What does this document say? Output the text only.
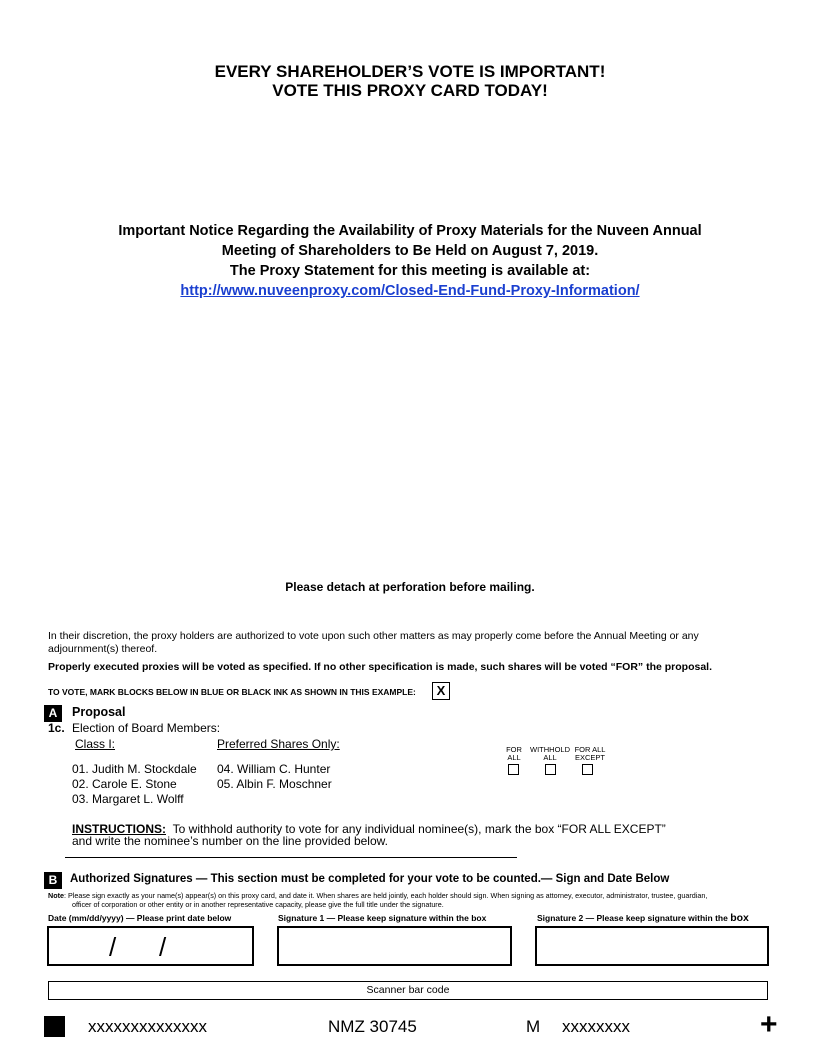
EVERY SHAREHOLDER’S VOTE IS IMPORTANT!
VOTE THIS PROXY CARD TODAY!
Important Notice Regarding the Availability of Proxy Materials for the Nuveen Annual
Meeting of Shareholders to Be Held on August 7, 2019.
The Proxy Statement for this meeting is available at:
http://www.nuveenproxy.com/Closed-End-Fund-Proxy-Information/
Please detach at perforation before mailing.
In their discretion, the proxy holders are authorized to vote upon such other matters as may properly come before the Annual Meeting or any
adjournment(s) thereof.
Properly executed proxies will be voted as specified. If no other specification is made, such shares will be voted “FOR” the proposal.
TO VOTE, MARK BLOCKS BELOW IN BLUE OR BLACK INK AS SHOWN IN THIS EXAMPLE:	X
A	Proposal
1c. Election of Board Members:
Class I:	Preferred Shares Only:
01. Judith M. Stockdale
02. Carole E. Stone
03. Margaret L. Wolff
04. William C. Hunter
05. Albin F. Moschner
FOR
ALL
WITHHOLD
ALL
FOR ALL
EXCEPT
INSTRUCTIONS: To withhold authority to vote for any individual nominee(s), mark the box “FOR ALL EXCEPT”
and write the nominee’s number on the line provided below.
B	Authorized Signatures — This section must be completed for your vote to be counted.— Sign and Date Below
Note: Please sign exactly as your name(s) appear(s) on this proxy card, and date it. When shares are held jointly, each holder should sign. When signing as attorney, executor, administrator, trustee, guardian,
officer of corporation or other entity or in another representative capacity, please give the full title under the signature.
Date (mm/dd/yyyy) — Please print date below	Signature 1 — Please keep signature within the box	Signature 2 — Please keep signature within the box
/ /
Scanner bar code
xxxxxxxxxxxxxx	NMZ 30745	M xxxxxxxx	+
